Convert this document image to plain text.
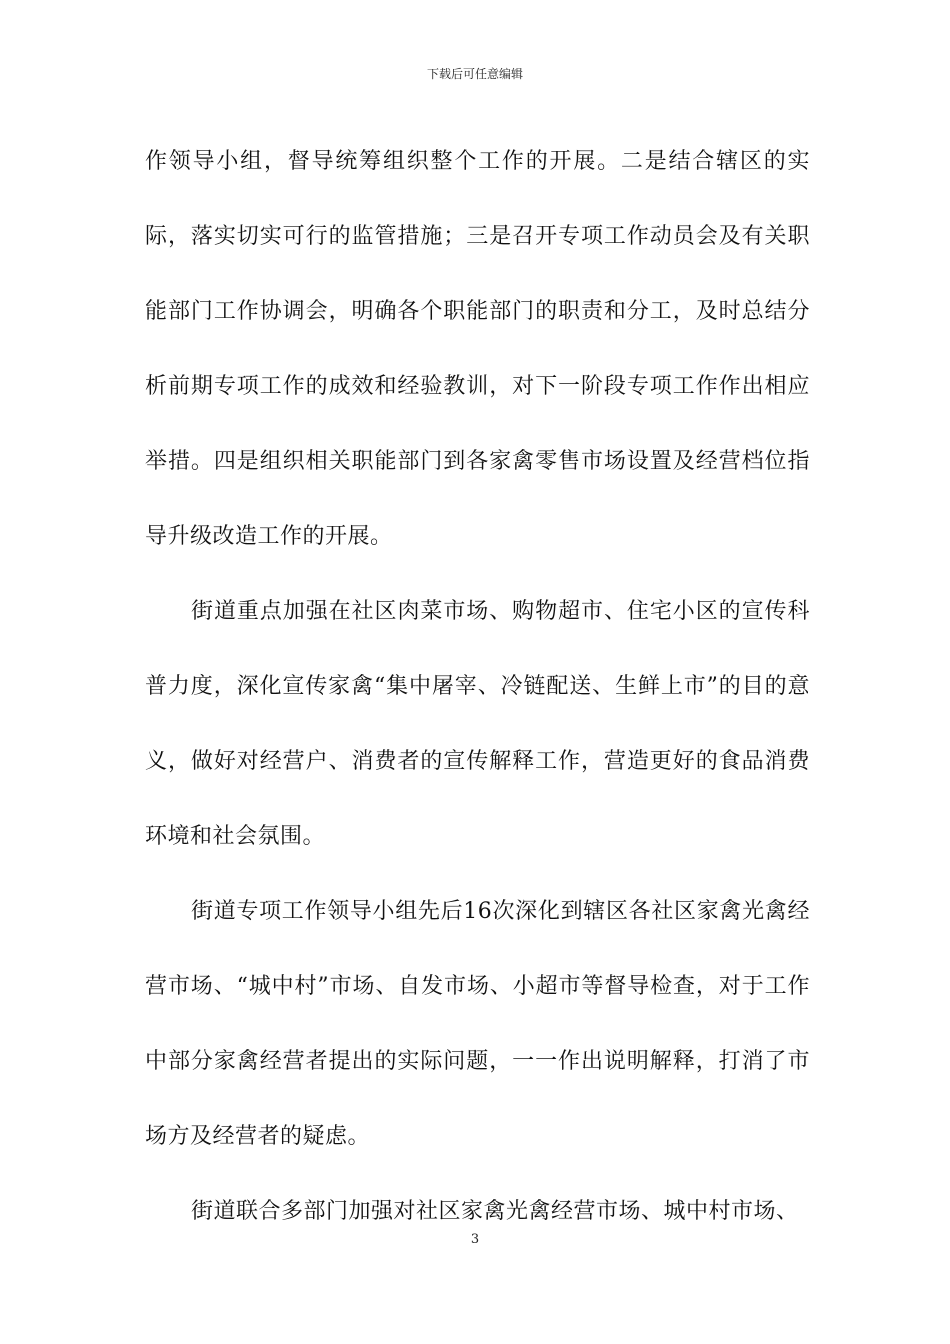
下载后可任意编辑

作领导小组，督导统筹组织整个工作的开展。二是结合辖区的实际，落实切实可行的监管措施；三是召开专项工作动员会及有关职能部门工作协调会，明确各个职能部门的职责和分工，及时总结分析前期专项工作的成效和经验教训，对下一阶段专项工作作出相应举措。四是组织相关职能部门到各家禽零售市场设置及经营档位指导升级改造工作的开展。

街道重点加强在社区肉菜市场、购物超市、住宅小区的宣传科普力度，深化宣传家禽“集中屠宰、冷链配送、生鲜上市”的目的意义，做好对经营户、消费者的宣传解释工作，营造更好的食品消费环境和社会氛围。

街道专项工作领导小组先后16次深化到辖区各社区家禽光禽经营市场、“城中村”市场、自发市场、小超市等督导检查，对于工作中部分家禽经营者提出的实际问题，一一作出说明解释，打消了市场方及经营者的疑虑。

街道联合多部门加强对社区家禽光禽经营市场、城中村市场、

3
